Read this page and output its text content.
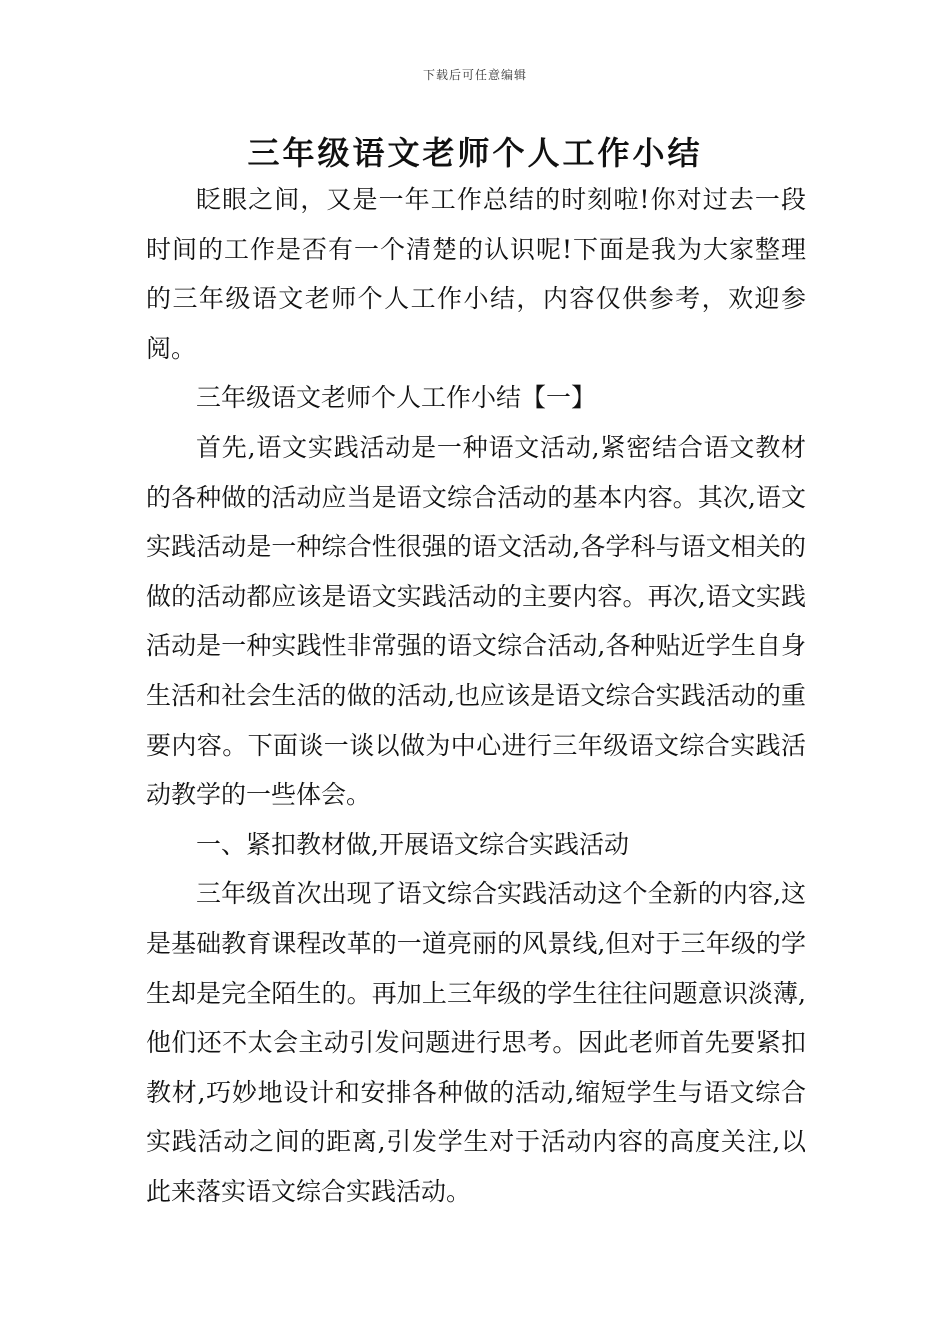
下载后可任意编辑
三年级语文老师个人工作小结

眨眼之间，又是一年工作总结的时刻啦!你对过去一段时间的工作是否有一个清楚的认识呢!下面是我为大家整理的三年级语文老师个人工作小结，内容仅供参考，欢迎参阅。

三年级语文老师个人工作小结【一】

首先,语文实践活动是一种语文活动,紧密结合语文教材的各种做的活动应当是语文综合活动的基本内容。其次,语文实践活动是一种综合性很强的语文活动,各学科与语文相关的做的活动都应该是语文实践活动的主要内容。再次,语文实践活动是一种实践性非常强的语文综合活动,各种贴近学生自身生活和社会生活的做的活动,也应该是语文综合实践活动的重要内容。下面谈一谈以做为中心进行三年级语文综合实践活动教学的一些体会。

一、紧扣教材做,开展语文综合实践活动

三年级首次出现了语文综合实践活动这个全新的内容,这是基础教育课程改革的一道亮丽的风景线,但对于三年级的学生却是完全陌生的。再加上三年级的学生往往问题意识淡薄,他们还不太会主动引发问题进行思考。因此老师首先要紧扣教材,巧妙地设计和安排各种做的活动,缩短学生与语文综合实践活动之间的距离,引发学生对于活动内容的高度关注,以此来落实语文综合实践活动。
